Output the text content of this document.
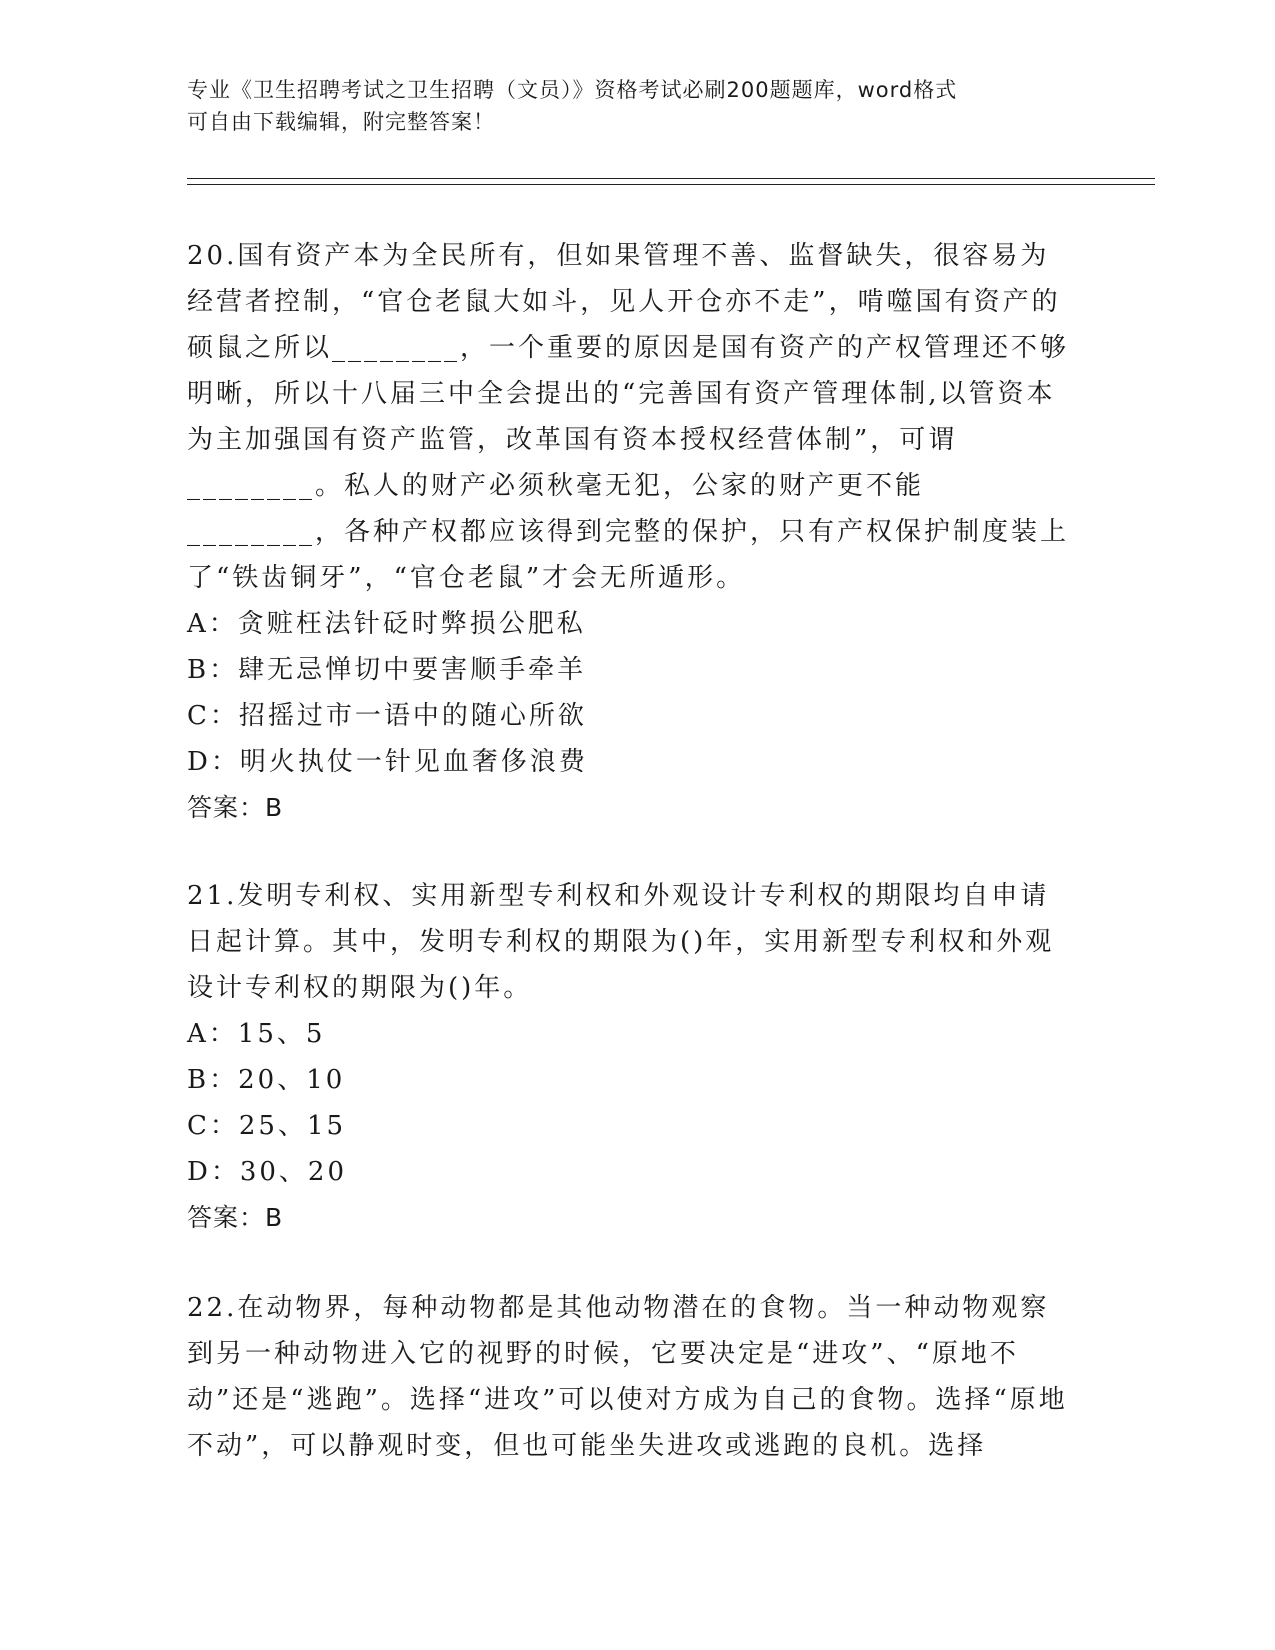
专业《卫生招聘考试之卫生招聘（文员）》资格考试必刷200题题库，word格式
可自由下载编辑，附完整答案！

20.国有资产本为全民所有，但如果管理不善、监督缺失，很容易为经营者控制，“官仓老鼠大如斗，见人开仓亦不走”，啃噬国有资产的硕鼠之所以________，一个重要的原因是国有资产的产权管理还不够明晰，所以十八届三中全会提出的“完善国有资产管理体制,以管资本为主加强国有资产监管，改革国有资本授权经营体制”，可谓________。私人的财产必须秋毫无犯，公家的财产更不能________，各种产权都应该得到完整的保护，只有产权保护制度装上了“铁齿铜牙”，“官仓老鼠”才会无所遁形。

A：贪赃枉法针砭时弊损公肥私
B：肆无忌惮切中要害顺手牵羊
C：招摇过市一语中的随心所欲
D：明火执仗一针见血奢侈浪费
答案：B

21.发明专利权、实用新型专利权和外观设计专利权的期限均自申请日起计算。其中，发明专利权的期限为()年，实用新型专利权和外观设计专利权的期限为()年。

A：15、5
B：20、10
C：25、15
D：30、20
答案：B

22.在动物界，每种动物都是其他动物潜在的食物。当一种动物观察到另一种动物进入它的视野的时候，它要决定是“进攻”、“原地不动”还是“逃跑”。选择“进攻”可以使对方成为自己的食物。选择“原地不动”，可以静观时变，但也可能坐失进攻或逃跑的良机。选择
